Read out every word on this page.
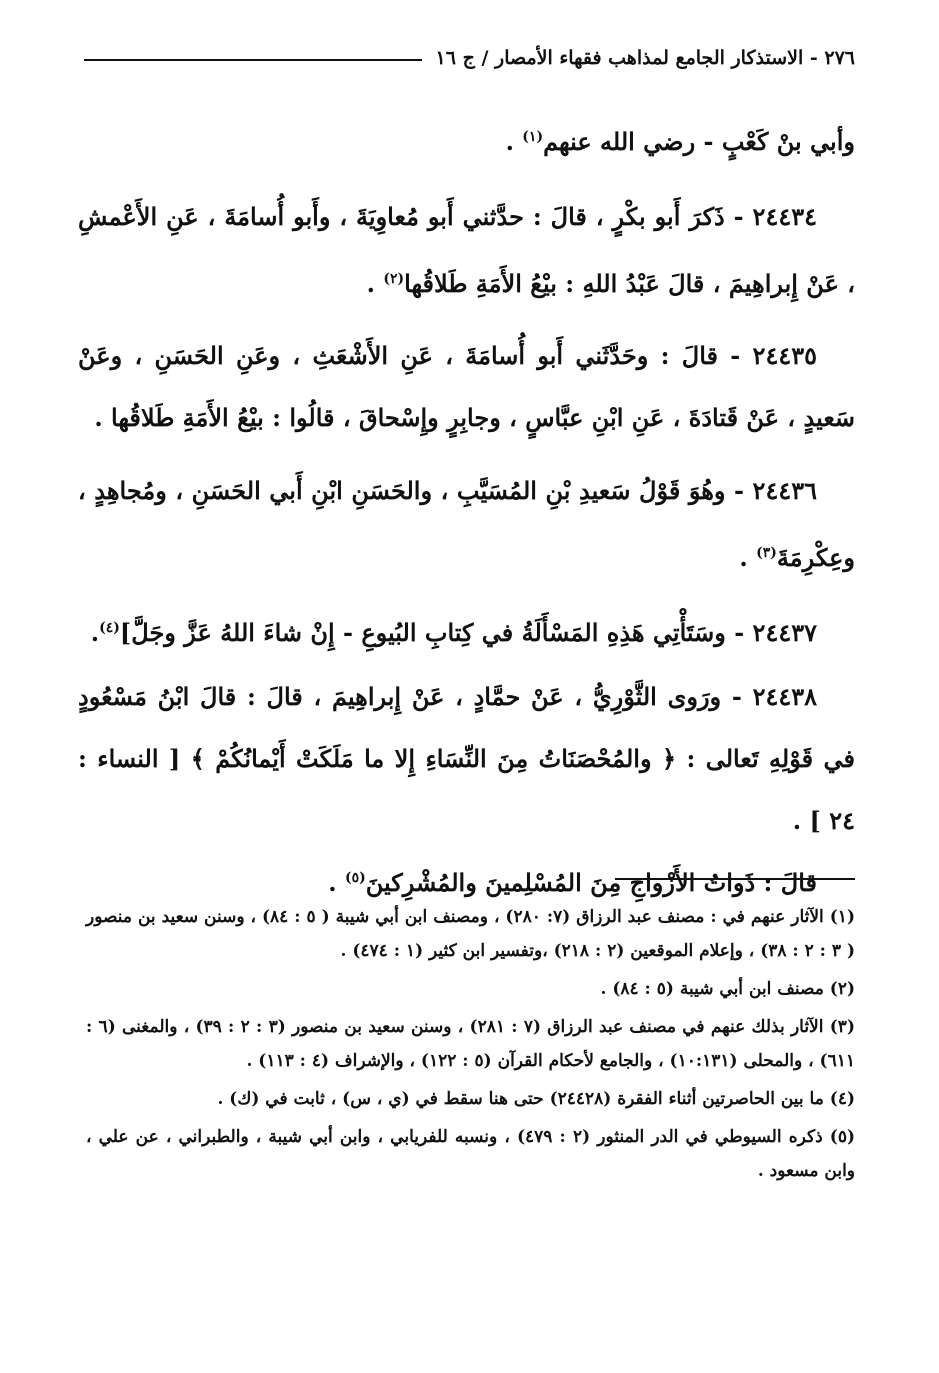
٢٧٦ - الاستذكار الجامع لمذاهب فقهاء الأمصار / ج ١٦

وأبي بنْ كَعْبٍ - رضي الله عنهم$^{(١)}$ .

٢٤٤٣٤ - ذَكرَ أَبو بكْرٍ ، قالَ : حدَّثني أَبو مُعاوِيَةَ ، وأَبو أُسامَةَ ، عَنِ الأَعْمشِ ، عَنْ إِبراهِيمَ ، قالَ عَبْدُ اللهِ : بيْعُ الأَمَةِ طَلاقُها$^{(٢)}$ .

٢٤٤٣٥ - قالَ : وحَدَّثَني أَبو أُسامَةَ ، عَنِ الأَشْعَثِ ، وعَنِ الحَسَنِ ، وعَنْ سَعيدٍ ، عَنْ قَتادَةَ ، عَنِ ابْنِ عبَّاسٍ ، وجابِرٍ وإِسْحاقَ ، قالُوا : بيْعُ الأَمَةِ طَلاقُها .

٢٤٤٣٦ - وهُوَ قَوْلُ سَعيدِ بْنِ المُسَيَّبِ ، والحَسَنِ ابْنِ أَبي الحَسَنِ ، ومُجاهِدٍ ، وعِكْرِمَةَ$^{(٣)}$ .

٢٤٤٣٧ - وسَتَأْتِي هَذِهِ المَسْأَلَةُ في كِتابِ البُيوعِ - إِنْ شاءَ اللهُ عَزَّ وجَلَّ]$^{(٤)}$.

٢٤٤٣٨ - ورَوى الثَّوْرِيُّ ، عَنْ حمَّادٍ ، عَنْ إِبراهِيمَ ، قالَ : قالَ ابْنُ مَسْعُودٍ في قَوْلِهِ تَعالى : ﴿ والمُحْصَنَاتُ مِنَ النِّسَاءِ إِلا ما مَلَكَتْ أَيْمانُكُمْ ﴾ [ النساء : ٢٤ ] .

قالَ : ذَواتُ الأَزْواجِ مِنَ المُسْلِمينَ والمُشْرِكينَ$^{(٥)}$ .

(١) الآثار عنهم في : مصنف عبد الرزاق (٧: ٢٨٠) ، ومصنف ابن أبي شيبة ( ٥ : ٨٤) ، وسنن سعيد بن منصور ( ٣ : ٢ : ٣٨) ، وإعلام الموقعين (٢ : ٢١٨) ،وتفسير ابن كثير (١ : ٤٧٤) .

(٢) مصنف ابن أبي شيبة (٥ : ٨٤) .

(٣) الآثار بذلك عنهم في مصنف عبد الرزاق (٧ : ٢٨١) ، وسنن سعيد بن منصور (٣ : ٢ : ٣٩) ، والمغنى (٦ : ٦١١) ، والمحلى (١٠:١٣١) ، والجامع لأحكام القرآن (٥ : ١٢٢) ، والإشراف (٤ : ١١٣) .

(٤) ما بين الحاصرتين أثناء الفقرة (٢٤٤٢٨) حتى هنا سقط في (ي ، س) ، ثابت في (ك) .

(٥) ذكره السيوطي في الدر المنثور (٢ : ٤٧٩) ، ونسبه للفريابي ، وابن أبي شيبة ، والطبراني ، عن علي ، وابن مسعود .
